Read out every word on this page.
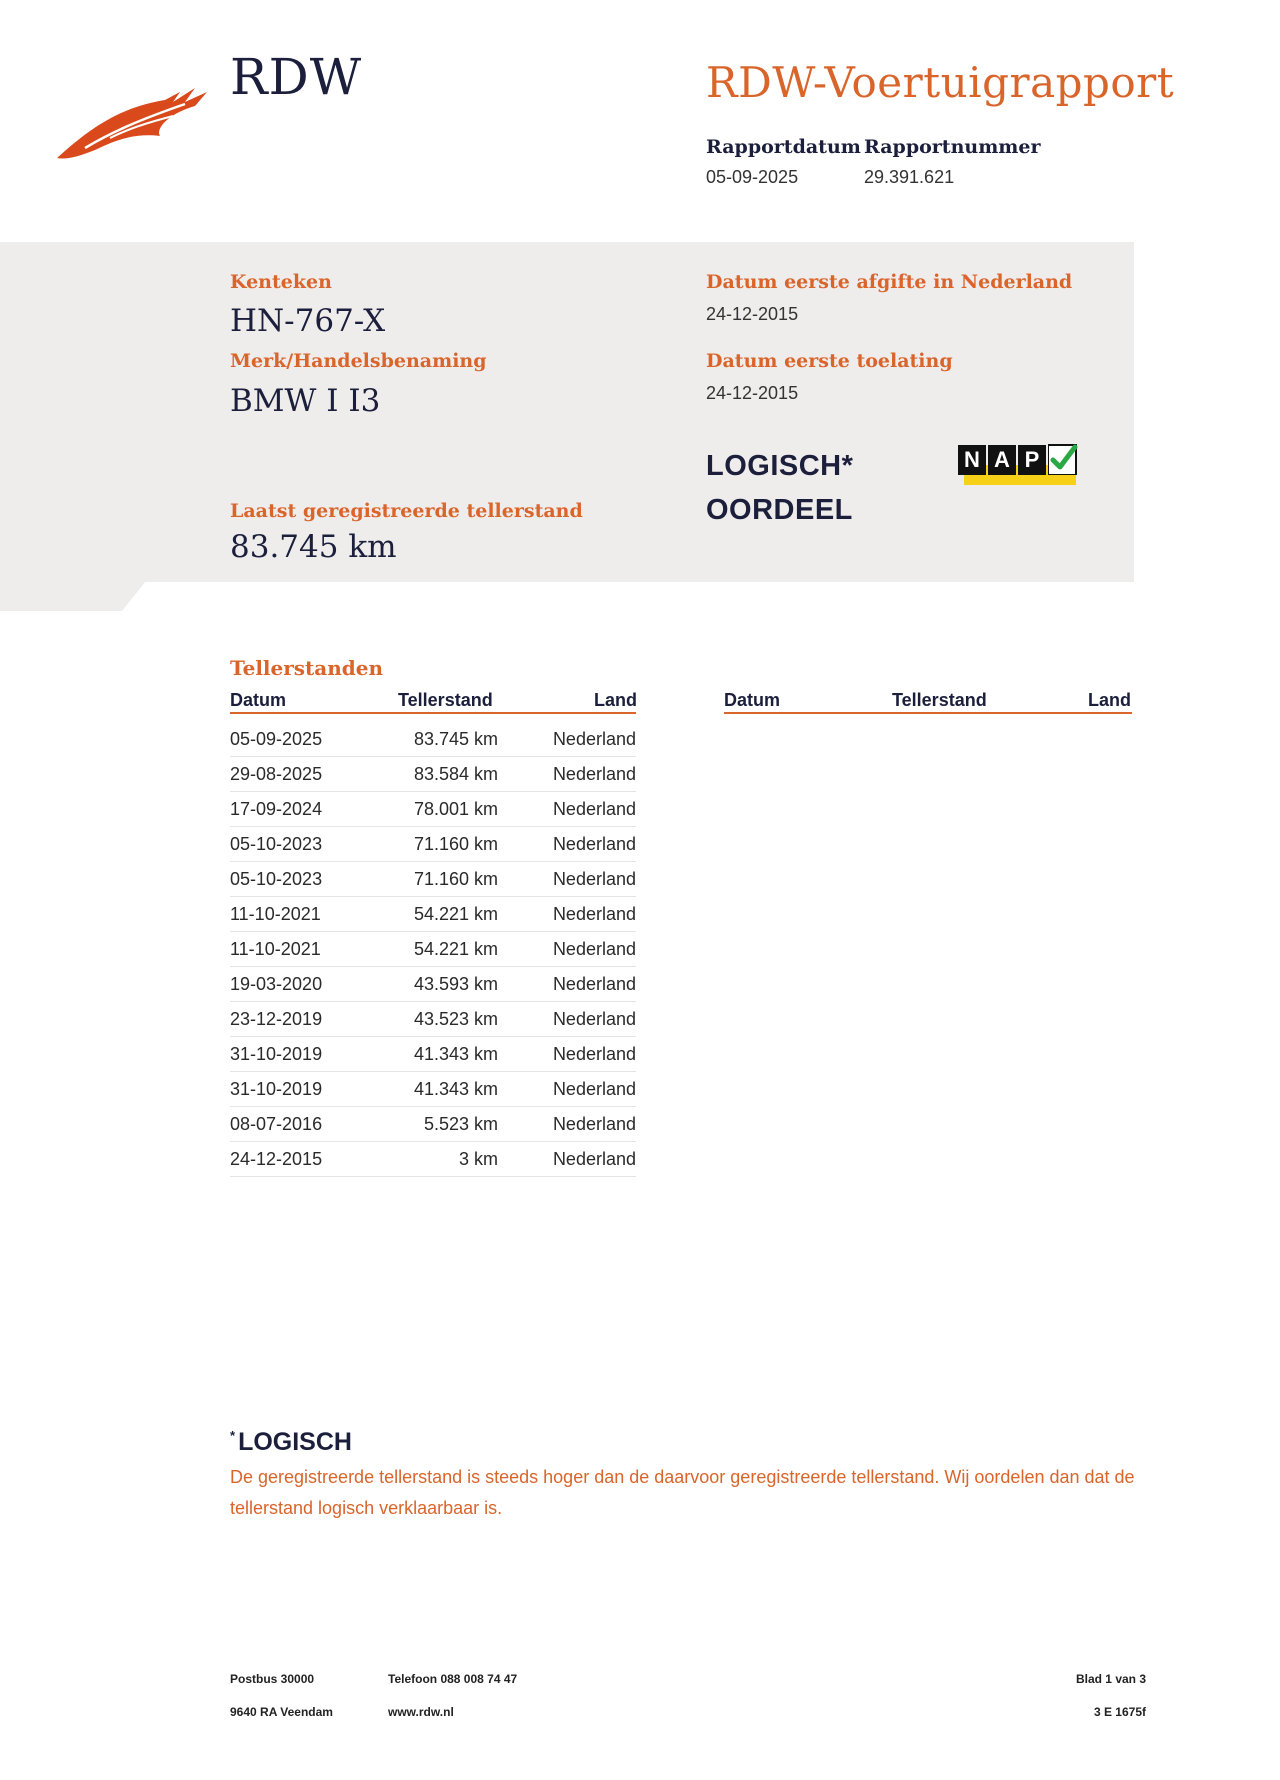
RDW	RDW-Voertuigrapport
Rapportdatum
05-09-2025
Rapportnummer
29.391.621
Kenteken
HN-767-X
Merk/Handelsbenaming
BMW I I3
Laatst geregistreerde tellerstand
83.745 km
Datum eerste afgifte in Nederland
24-12-2015
Datum eerste toelating
24-12-2015
LOGISCH*
OORDEEL
N A P
Tellerstanden
Datum	Tellerstand	Land	Datum	Tellerstand	Land
05-09-2025	83.745 km	Nederland
29-08-2025	83.584 km	Nederland
17-09-2024	78.001 km	Nederland
05-10-2023	71.160 km	Nederland
05-10-2023	71.160 km	Nederland
11-10-2021	54.221 km	Nederland
11-10-2021	54.221 km	Nederland
19-03-2020	43.593 km	Nederland
23-12-2019	43.523 km	Nederland
31-10-2019	41.343 km	Nederland
31-10-2019	41.343 km	Nederland
08-07-2016	5.523 km	Nederland
24-12-2015	3 km	Nederland
* LOGISCH
De geregistreerde tellerstand is steeds hoger dan de daarvoor geregistreerde tellerstand. Wij oordelen dan dat de tellerstand logisch verklaarbaar is.
Postbus 30000
9640 RA Veendam
Telefoon 088 008 74 47
www.rdw.nl
Blad 1 van 3
3 E 1675f
